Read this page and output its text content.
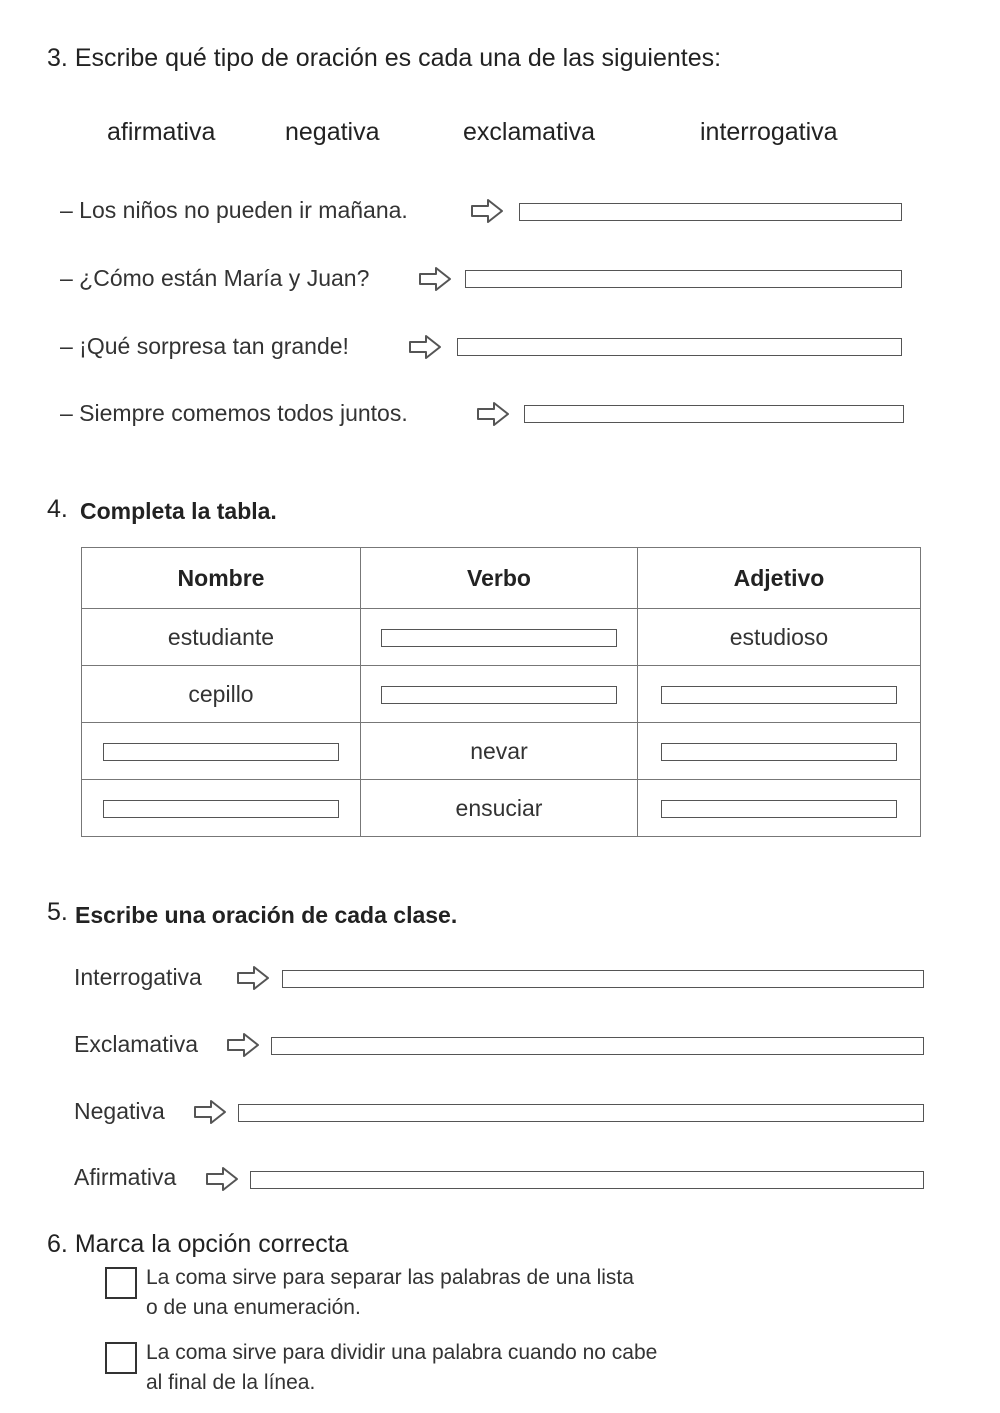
3. Escribe qué tipo de oración es cada una de las siguientes:
afirmativa	negativa	exclamativa	interrogativa
– Los niños no pueden ir mañana.
– ¿Cómo están María y Juan?
– ¡Qué sorpresa tan grande!
– Siempre comemos todos juntos.
4. Completa la tabla.
Nombre	Verbo	Adjetivo
estudiante		estudioso
cepillo		
	nevar	
	ensuciar	
5. Escribe una oración de cada clase.
Interrogativa
Exclamativa
Negativa
Afirmativa
6. Marca la opción correcta
La coma sirve para separar las palabras de una lista
o de una enumeración.
La coma sirve para dividir una palabra cuando no cabe
al final de la línea.
